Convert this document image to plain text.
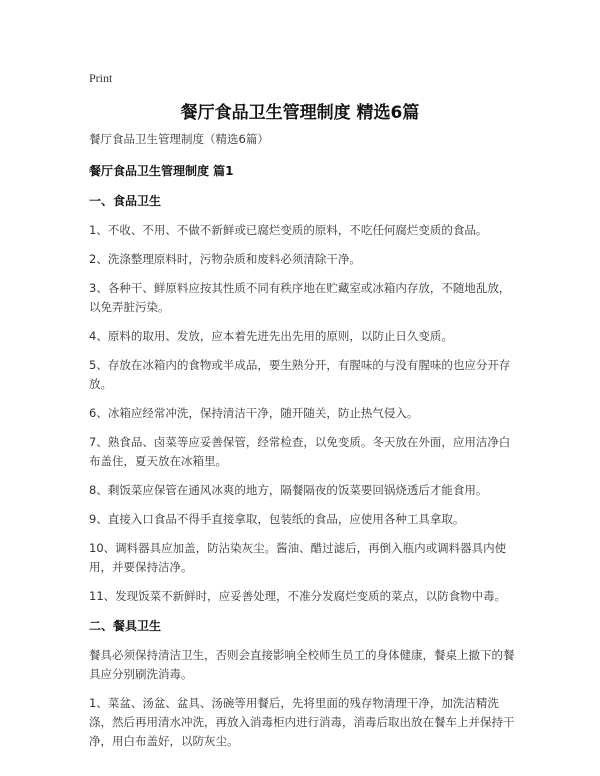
Print
餐厅食品卫生管理制度 精选6篇
餐厅食品卫生管理制度（精选6篇）
餐厅食品卫生管理制度 篇1
一、食品卫生
1、不收、不用、不做不新鲜或已腐烂变质的原料，不吃任何腐烂变质的食品。
2、洗涤整理原料时，污物杂质和废料必须清除干净。
3、各种干、鲜原料应按其性质不同有秩序地在贮藏室或冰箱内存放，不随地乱放，以免弄脏污染。
4、原料的取用、发放，应本着先进先出先用的原则，以防止日久变质。
5、存放在冰箱内的食物或半成品，要生熟分开，有腥味的与没有腥味的也应分开存放。
6、冰箱应经常冲洗，保持清洁干净，随开随关，防止热气侵入。
7、熟食品、卤菜等应妥善保管，经常检查，以免变质。冬天放在外面，应用洁净白布盖住，夏天放在冰箱里。
8、剩饭菜应保管在通风冰爽的地方，隔餐隔夜的饭菜要回锅烧透后才能食用。
9、直接入口食品不得手直接拿取，包装纸的食品，应使用各种工具拿取。
10、调料器具应加盖，防沾染灰尘。酱油、醋过滤后，再倒入瓶内或调料器具内使用，并要保持洁净。
11、发现饭菜不新鲜时，应妥善处理，不准分发腐烂变质的菜点，以防食物中毒。
二、餐具卫生
餐具必须保持清洁卫生，否则会直接影响全校师生员工的身体健康，餐桌上撤下的餐具应分别刷洗消毒。
1、菜盆、汤盆、盆具、汤碗等用餐后，先将里面的残存物清理干净，加洗洁精洗涤，然后再用清水冲洗，再放入消毒柜内进行消毒，消毒后取出放在餐车上并保持干净，用白布盖好，以防灰尘。
